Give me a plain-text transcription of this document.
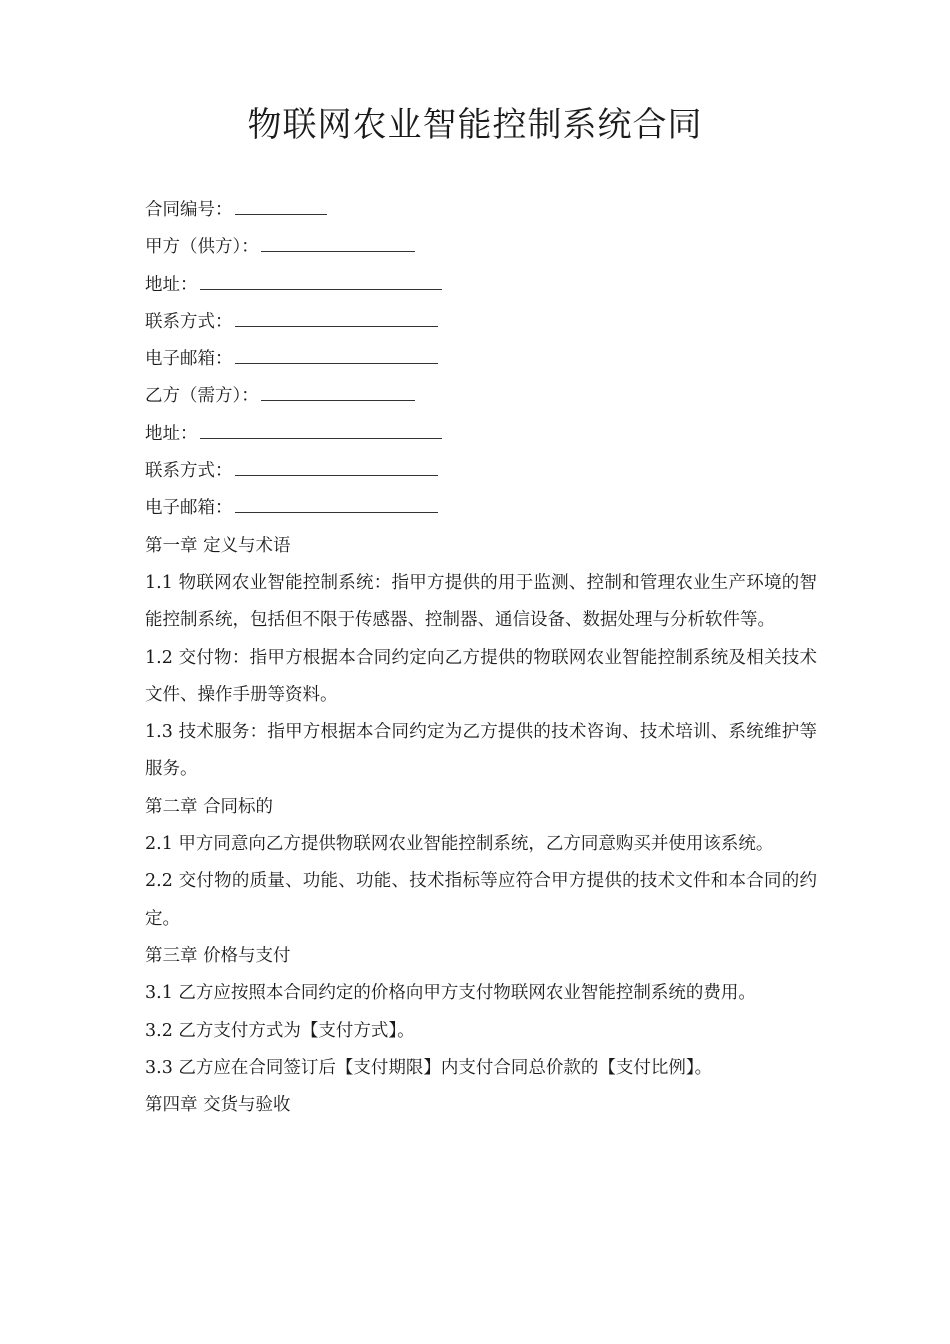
物联网农业智能控制系统合同
合同编号：
甲方（供方）：
地址：
联系方式：
电子邮箱：
乙方（需方）：
地址：
联系方式：
电子邮箱：
第一章 定义与术语
1.1 物联网农业智能控制系统：指甲方提供的用于监测、控制和管理农业生产环境的智能控制系统，包括但不限于传感器、控制器、通信设备、数据处理与分析软件等。
1.2 交付物：指甲方根据本合同约定向乙方提供的物联网农业智能控制系统及相关技术文件、操作手册等资料。
1.3 技术服务：指甲方根据本合同约定为乙方提供的技术咨询、技术培训、系统维护等服务。
第二章 合同标的
2.1 甲方同意向乙方提供物联网农业智能控制系统，乙方同意购买并使用该系统。
2.2 交付物的质量、功能、功能、技术指标等应符合甲方提供的技术文件和本合同的约定。
第三章 价格与支付
3.1 乙方应按照本合同约定的价格向甲方支付物联网农业智能控制系统的费用。
3.2 乙方支付方式为【支付方式】。
3.3 乙方应在合同签订后【支付期限】内支付合同总价款的【支付比例】。
第四章 交货与验收
